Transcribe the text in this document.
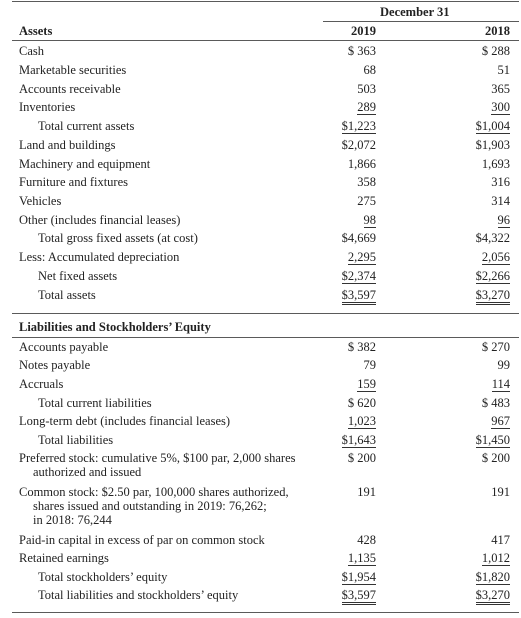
December 31
Assets	2019	2018
Cash	$ 363	$ 288
Marketable securities	68	51
Accounts receivable	503	365
Inventories	289	300
Total current assets	$1,223	$1,004
Land and buildings	$2,072	$1,903
Machinery and equipment	1,866	1,693
Furniture and fixtures	358	316
Vehicles	275	314
Other (includes financial leases)	98	96
Total gross fixed assets (at cost)	$4,669	$4,322
Less: Accumulated depreciation	2,295	2,056
Net fixed assets	$2,374	$2,266
Total assets	$3,597	$3,270
Liabilities and Stockholders’ Equity
Accounts payable	$ 382	$ 270
Notes payable	79	99
Accruals	159	114
Total current liabilities	$ 620	$ 483
Long-term debt (includes financial leases)	1,023	967
Total liabilities	$1,643	$1,450
Preferred stock: cumulative 5%, $100 par, 2,000 shares
authorized and issued
$ 200	$ 200
Common stock: $2.50 par, 100,000 shares authorized,
shares issued and outstanding in 2019: 76,262;
in 2018: 76,244
191	191
Paid-in capital in excess of par on common stock	428	417
Retained earnings	1,135	1,012
Total stockholders’ equity	$1,954	$1,820
Total liabilities and stockholders’ equity	$3,597	$3,270
